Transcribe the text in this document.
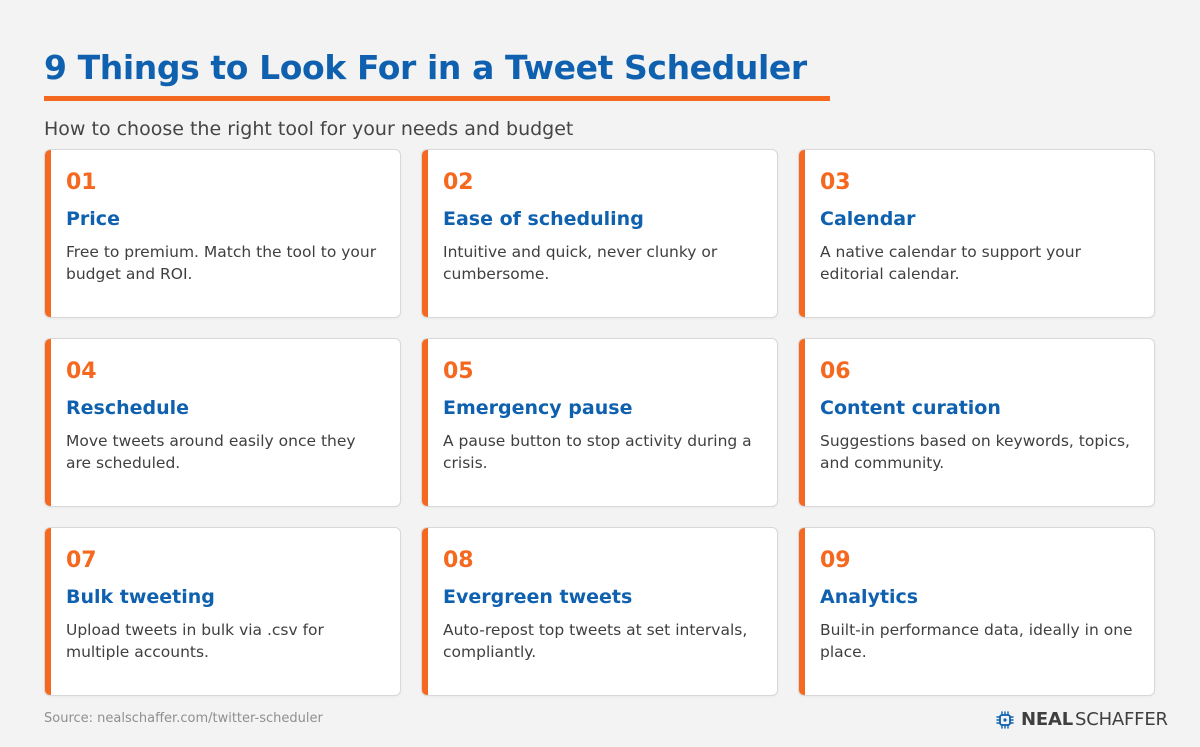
9 Things to Look For in a Tweet Scheduler
How to choose the right tool for your needs and budget
01
Price
Free to premium. Match the tool to your budget and ROI.
02
Ease of scheduling
Intuitive and quick, never clunky or cumbersome.
03
Calendar
A native calendar to support your editorial calendar.
04
Reschedule
Move tweets around easily once they are scheduled.
05
Emergency pause
A pause button to stop activity during a crisis.
06
Content curation
Suggestions based on keywords, topics, and community.
07
Bulk tweeting
Upload tweets in bulk via .csv for multiple accounts.
08
Evergreen tweets
Auto-repost top tweets at set intervals, compliantly.
09
Analytics
Built-in performance data, ideally in one place.
Source: nealschaffer.com/twitter-scheduler	NEAL SCHAFFER
